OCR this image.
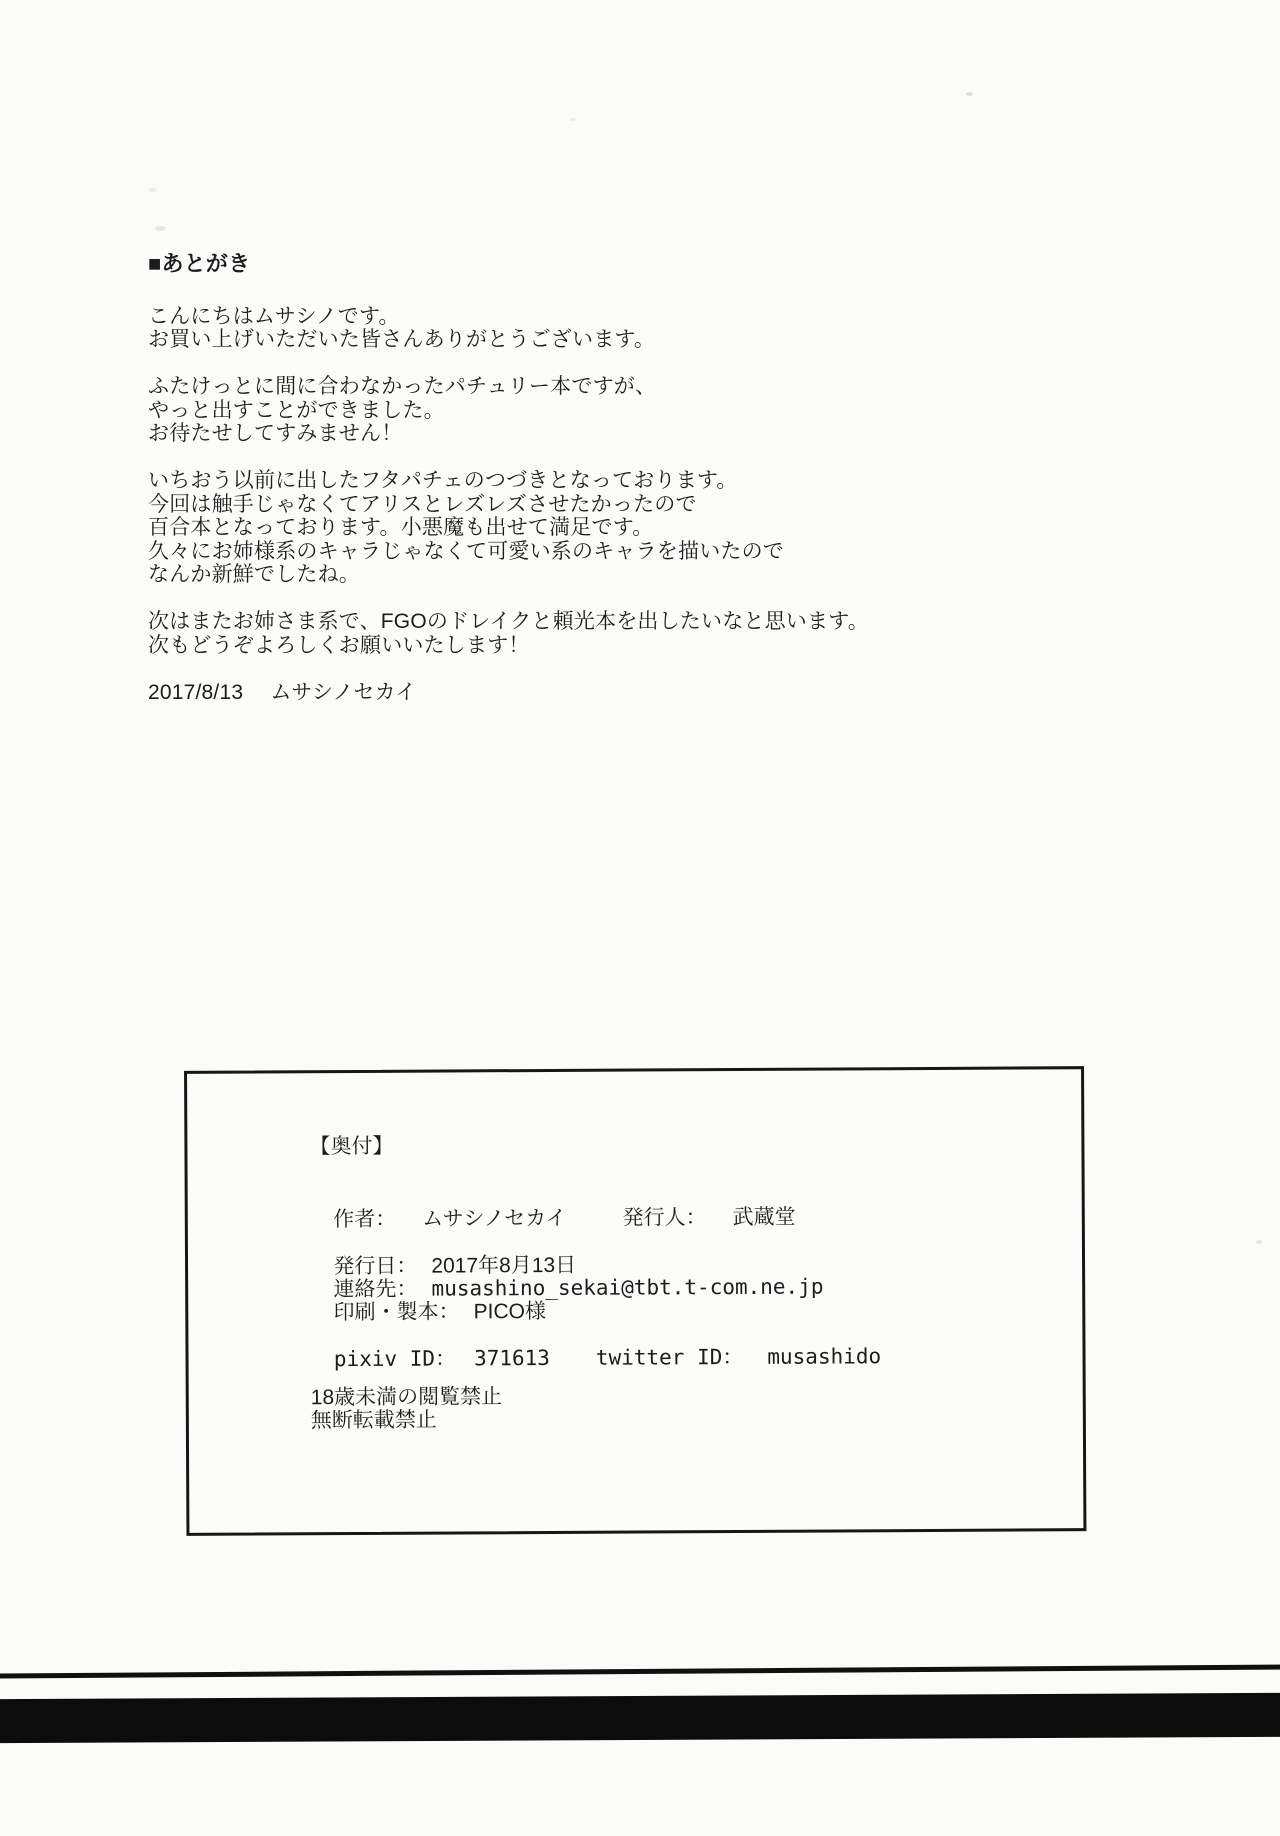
■あとがき
こんにちはムサシノです。
お買い上げいただいた皆さんありがとうございます。
ふたけっとに間に合わなかったパチュリー本ですが、
やっと出すことができました。
お待たせしてすみません！
いちおう以前に出したフタパチェのつづきとなっております。
今回は触手じゃなくてアリスとレズレズさせたかったので
百合本となっております。小悪魔も出せて満足です。
久々にお姉様系のキャラじゃなくて可愛い系のキャラを描いたので
なんか新鮮でしたね。
次はまたお姉さま系で、FGOのドレイクと頼光本を出したいなと思います。
次もどうぞよろしくお願いいたします！
2017/8/13　 ムサシノセカイ
【奥付】

作者： ムサシノセカイ	発行人： 武蔵堂

発行日： 2017年8月13日

連絡先： musashino_sekai@tbt.t-com.ne.jp

印刷・製本： PICO様

pixiv ID： 371613 twitter ID： musashido

18歳未満の閲覧禁止
無断転載禁止
